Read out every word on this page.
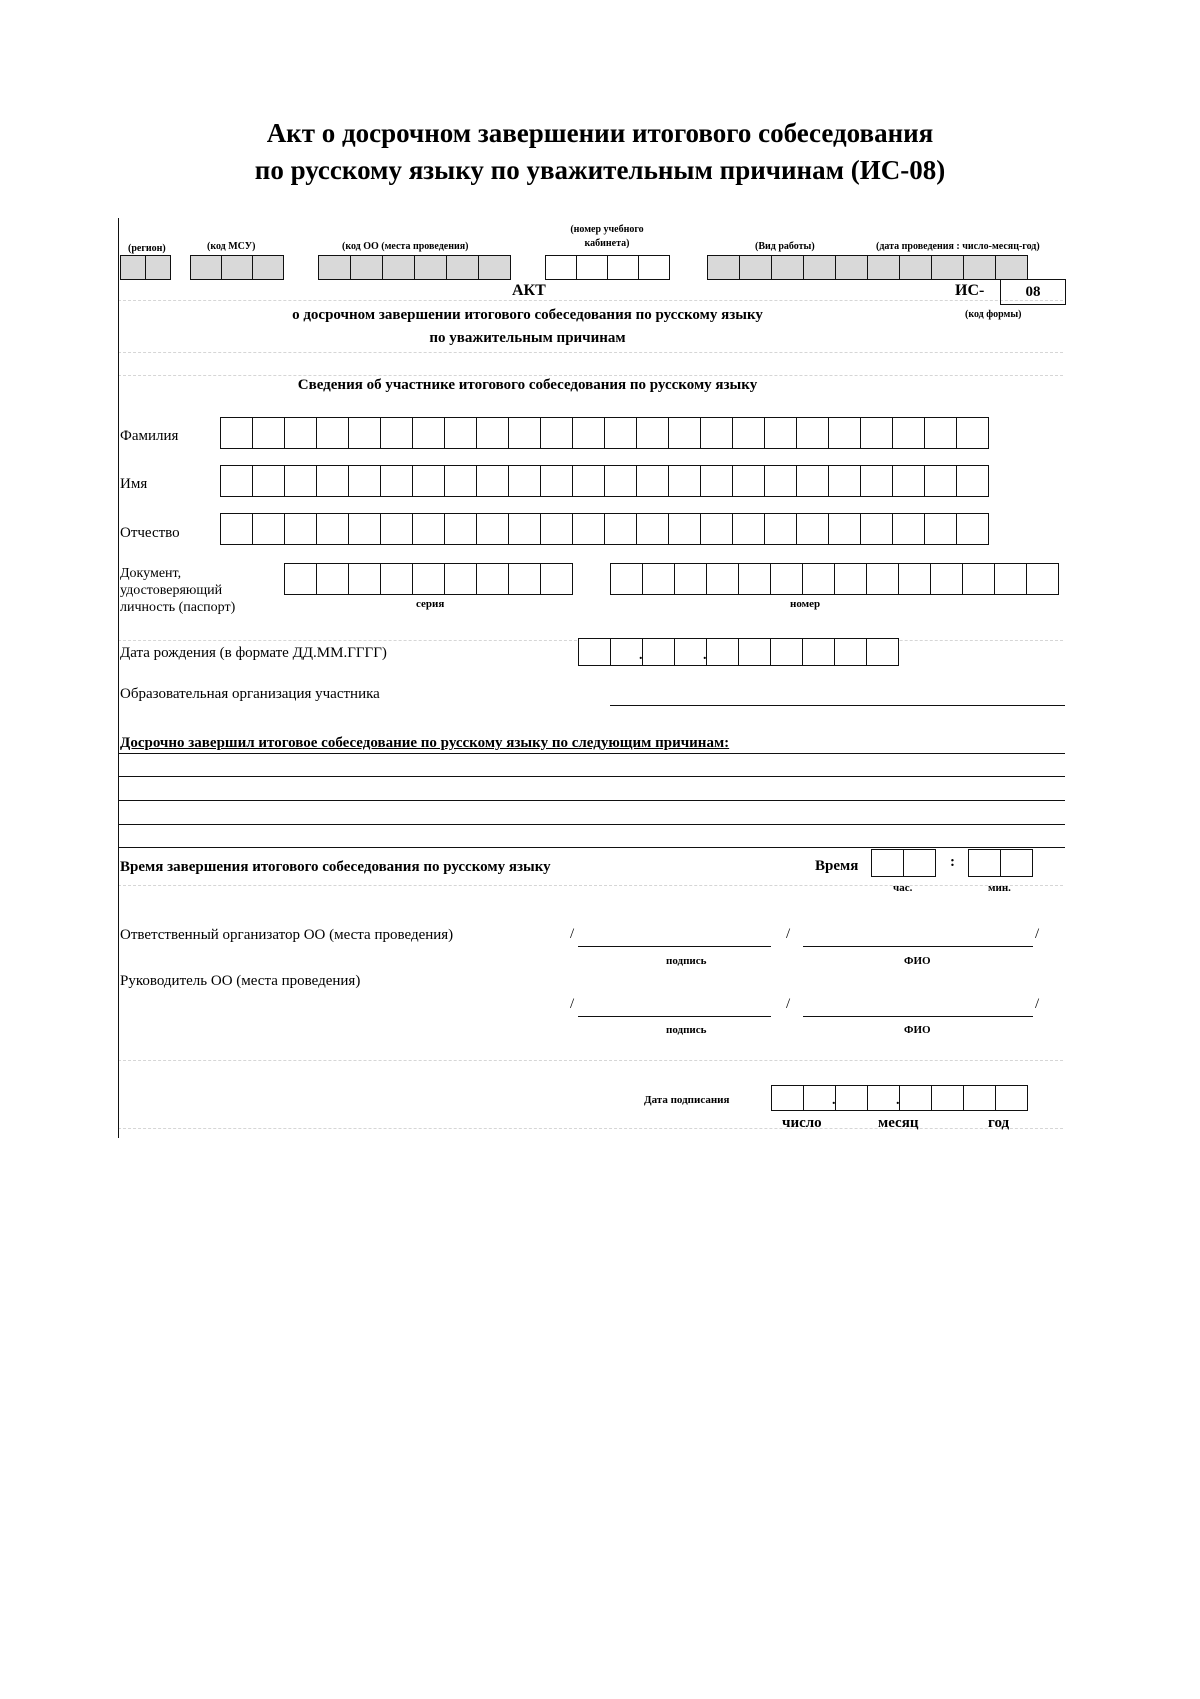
Акт о досрочном завершении итогового собеседования
по русскому языку по уважительным причинам (ИС-08)
(регион)	(код МСУ)	(код ОО (места проведения)
(номер учебного
кабинета)	(Вид работы)	(дата проведения : число-месяц-год)
АКТ	ИС-	08
(код формы)
о досрочном завершении итогового собеседования по русскому языку
по уважительным причинам
Сведения об участнике итогового собеседования по русскому языку
Фамилия
Имя
Отчество
Документ,
удостоверяющий
личность (паспорт)	серия	номер
Дата рождения (в формате ДД.ММ.ГГГГ)
.
.
Образовательная организация участника
Досрочно завершил итоговое собеседование по русскому языку по следующим причинам:
Время завершения итогового собеседования по русскому языку	Время	:
час.	мин.
Ответственный организатор ОО (места проведения)	/	/	/
подпись	ФИО
Руководитель ОО (места проведения)
/	/	/
подпись	ФИО
Дата подписания
.
.
число	месяц	год
